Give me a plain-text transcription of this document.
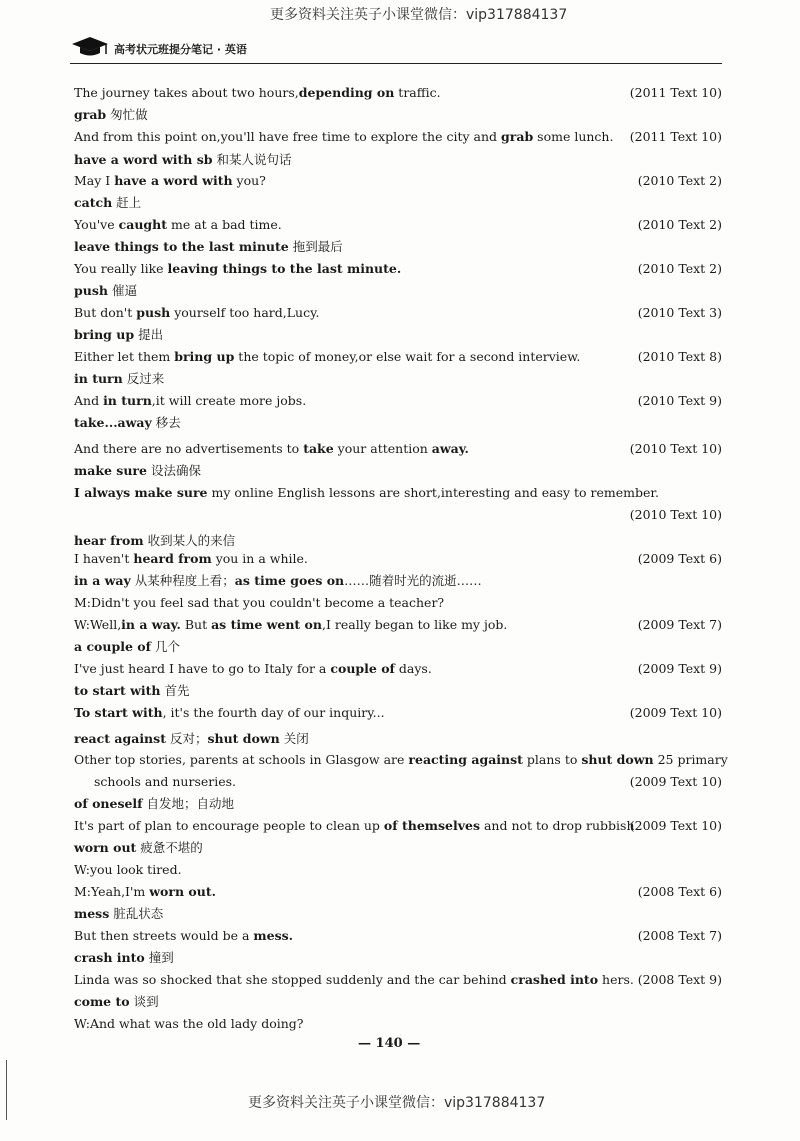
更多资料关注英子小课堂微信：vip317884137
高考状元班提分笔记 · 英语
The journey takes about two hours,depending on traffic.	(2011 Text 10)
grab 匆忙做
And from this point on,you'll have free time to explore the city and grab some lunch. (2011 Text 10)
have a word with sb 和某人说句话
May I have a word with you?	(2010 Text 2)
catch 赶上
You've caught me at a bad time.	(2010 Text 2)
leave things to the last minute 拖到最后
You really like leaving things to the last minute.	(2010 Text 2)
push 催逼
But don't push yourself too hard,Lucy.	(2010 Text 3)
bring up 提出
Either let them bring up the topic of money,or else wait for a second interview.	(2010 Text 8)
in turn 反过来
And in turn,it will create more jobs.	(2010 Text 9)
take...away 移去
And there are no advertisements to take your attention away.	(2010 Text 10)
make sure 设法确保
I always make sure my online English lessons are short,interesting and easy to remember.
(2010 Text 10)
hear from 收到某人的来信
I haven't heard from you in a while.	(2009 Text 6)
in a way 从某种程度上看；as time goes on……随着时光的流逝……
M:Didn't you feel sad that you couldn't become a teacher?
W:Well,in a way. But as time went on,I really began to like my job.	(2009 Text 7)
a couple of 几个
I've just heard I have to go to Italy for a couple of days.	(2009 Text 9)
to start with 首先
To start with, it's the fourth day of our inquiry...	(2009 Text 10)
react against 反对；shut down 关闭
Other top stories, parents at schools in Glasgow are reacting against plans to shut down 25 primary
schools and nurseries.	(2009 Text 10)
of oneself 自发地；自动地
It's part of plan to encourage people to clean up of themselves and not to drop rubbish.
(2009 Text 10)
worn out 疲惫不堪的
W:you look tired.
M:Yeah,I'm worn out.	(2008 Text 6)
mess 脏乱状态
But then streets would be a mess.	(2008 Text 7)
crash into 撞到
Linda was so shocked that she stopped suddenly and the car behind crashed into hers. (2008 Text 9)
come to 谈到
W:And what was the old lady doing?
— 140 —
更多资料关注英子小课堂微信：vip317884137
